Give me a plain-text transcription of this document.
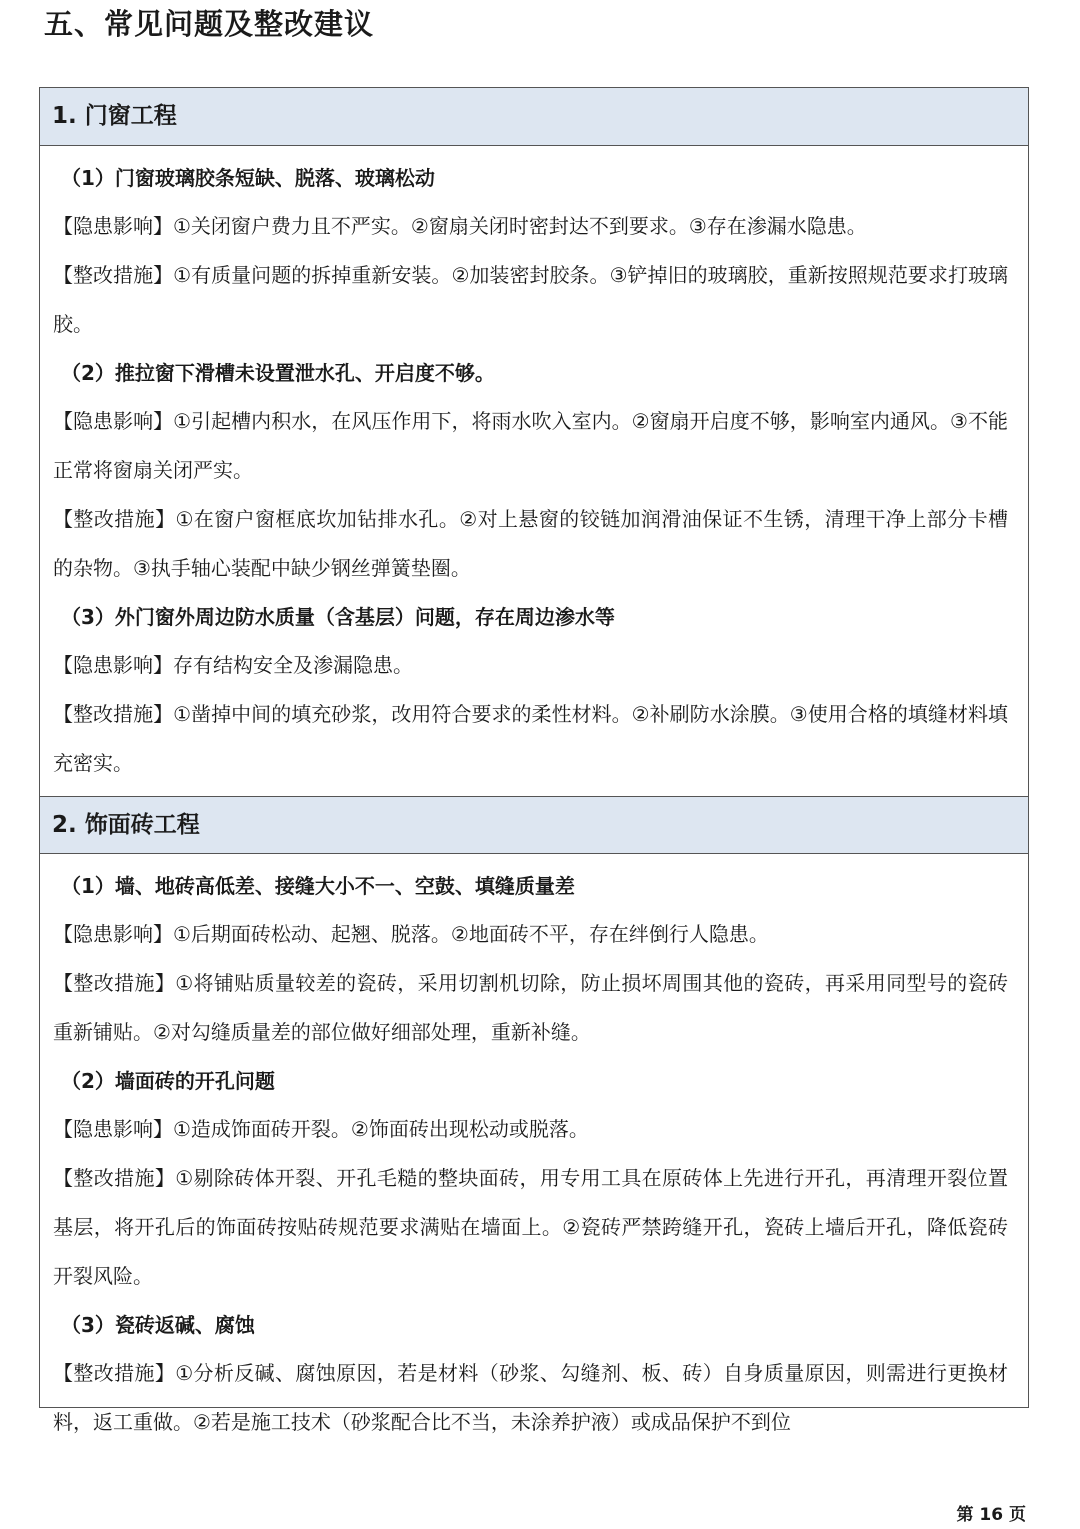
五、常见问题及整改建议
1. 门窗工程
（1）门窗玻璃胶条短缺、脱落、玻璃松动

【隐患影响】①关闭窗户费力且不严实。②窗扇关闭时密封达不到要求。③存在渗漏水隐患。

【整改措施】①有质量问题的拆掉重新安装。②加装密封胶条。③铲掉旧的玻璃胶，重新按照规范要求打玻璃胶。

（2）推拉窗下滑槽未设置泄水孔、开启度不够。

【隐患影响】①引起槽内积水，在风压作用下，将雨水吹入室内。②窗扇开启度不够，影响室内通风。③不能正常将窗扇关闭严实。

【整改措施】①在窗户窗框底坎加钻排水孔。②对上悬窗的铰链加润滑油保证不生锈，清理干净上部分卡槽的杂物。③执手轴心装配中缺少钢丝弹簧垫圈。

（3）外门窗外周边防水质量（含基层）问题，存在周边渗水等

【隐患影响】存有结构安全及渗漏隐患。

【整改措施】①凿掉中间的填充砂浆，改用符合要求的柔性材料。②补刷防水涂膜。③使用合格的填缝材料填充密实。

2. 饰面砖工程
（1）墙、地砖高低差、接缝大小不一、空鼓、填缝质量差

【隐患影响】①后期面砖松动、起翘、脱落。②地面砖不平，存在绊倒行人隐患。

【整改措施】①将铺贴质量较差的瓷砖，采用切割机切除，防止损坏周围其他的瓷砖，再采用同型号的瓷砖重新铺贴。②对勾缝质量差的部位做好细部处理，重新补缝。

（2）墙面砖的开孔问题

【隐患影响】①造成饰面砖开裂。②饰面砖出现松动或脱落。

【整改措施】①剔除砖体开裂、开孔毛糙的整块面砖，用专用工具在原砖体上先进行开孔，再清理开裂位置基层，将开孔后的饰面砖按贴砖规范要求满贴在墙面上。②瓷砖严禁跨缝开孔，瓷砖上墙后开孔，降低瓷砖开裂风险。

（3）瓷砖返碱、腐蚀

【整改措施】①分析反碱、腐蚀原因，若是材料（砂浆、勾缝剂、板、砖）自身质量原因，则需进行更换材料，返工重做。②若是施工技术（砂浆配合比不当，未涂养护液）或成品保护不到位

第 16 页
